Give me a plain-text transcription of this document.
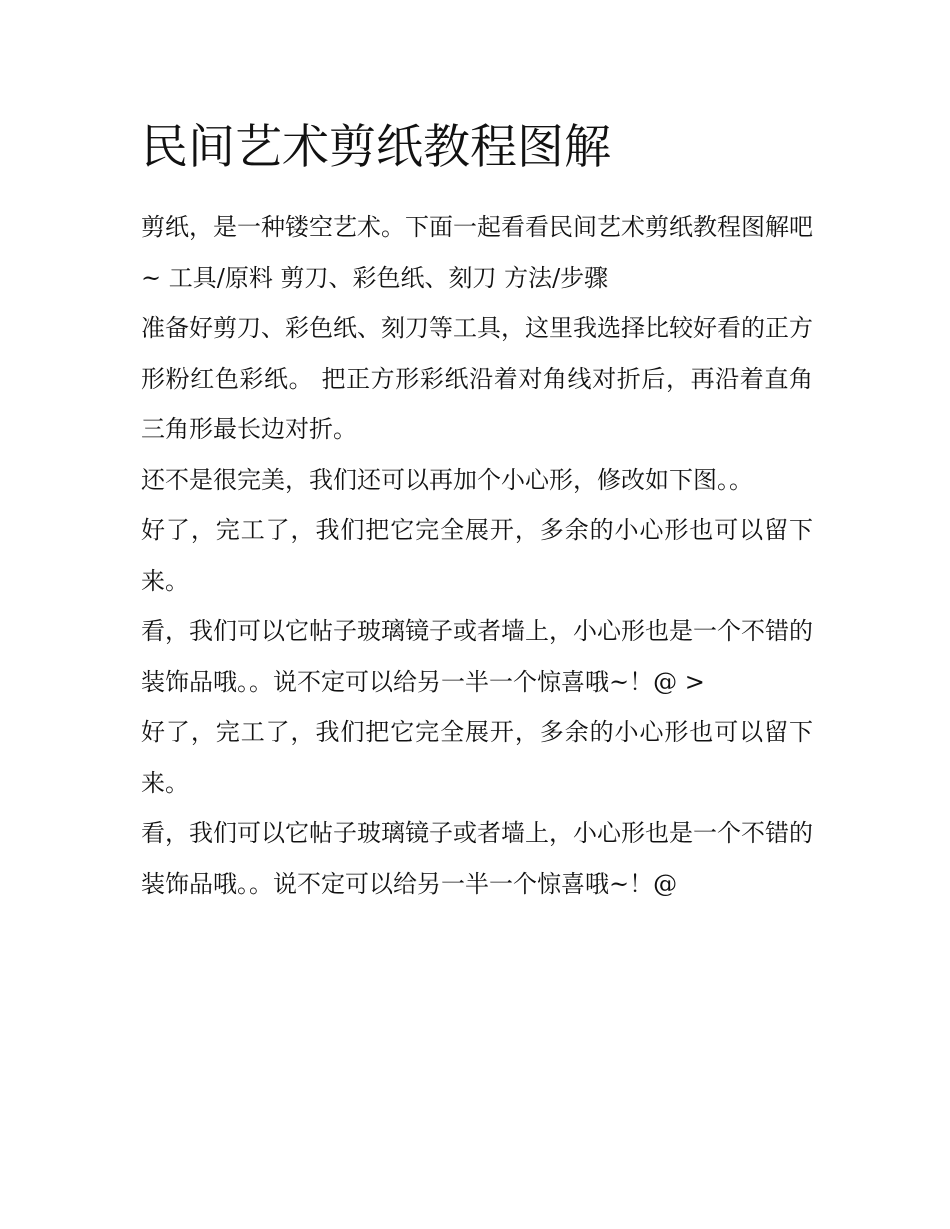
民间艺术剪纸教程图解

剪纸，是一种镂空艺术。下面一起看看民间艺术剪纸教程图解吧~ 工具/原料 剪刀、彩色纸、刻刀 方法/步骤

准备好剪刀、彩色纸、刻刀等工具，这里我选择比较好看的正方形粉红色彩纸。 把正方形彩纸沿着对角线对折后，再沿着直角三角形最长边对折。

还不是很完美，我们还可以再加个小心形，修改如下图。。

好了，完工了，我们把它完全展开，多余的小心形也可以留下来。

看，我们可以它帖子玻璃镜子或者墙上，小心形也是一个不错的装饰品哦。。说不定可以给另一半一个惊喜哦~！@ >

好了，完工了，我们把它完全展开，多余的小心形也可以留下来。

看，我们可以它帖子玻璃镜子或者墙上，小心形也是一个不错的装饰品哦。。说不定可以给另一半一个惊喜哦~！@
